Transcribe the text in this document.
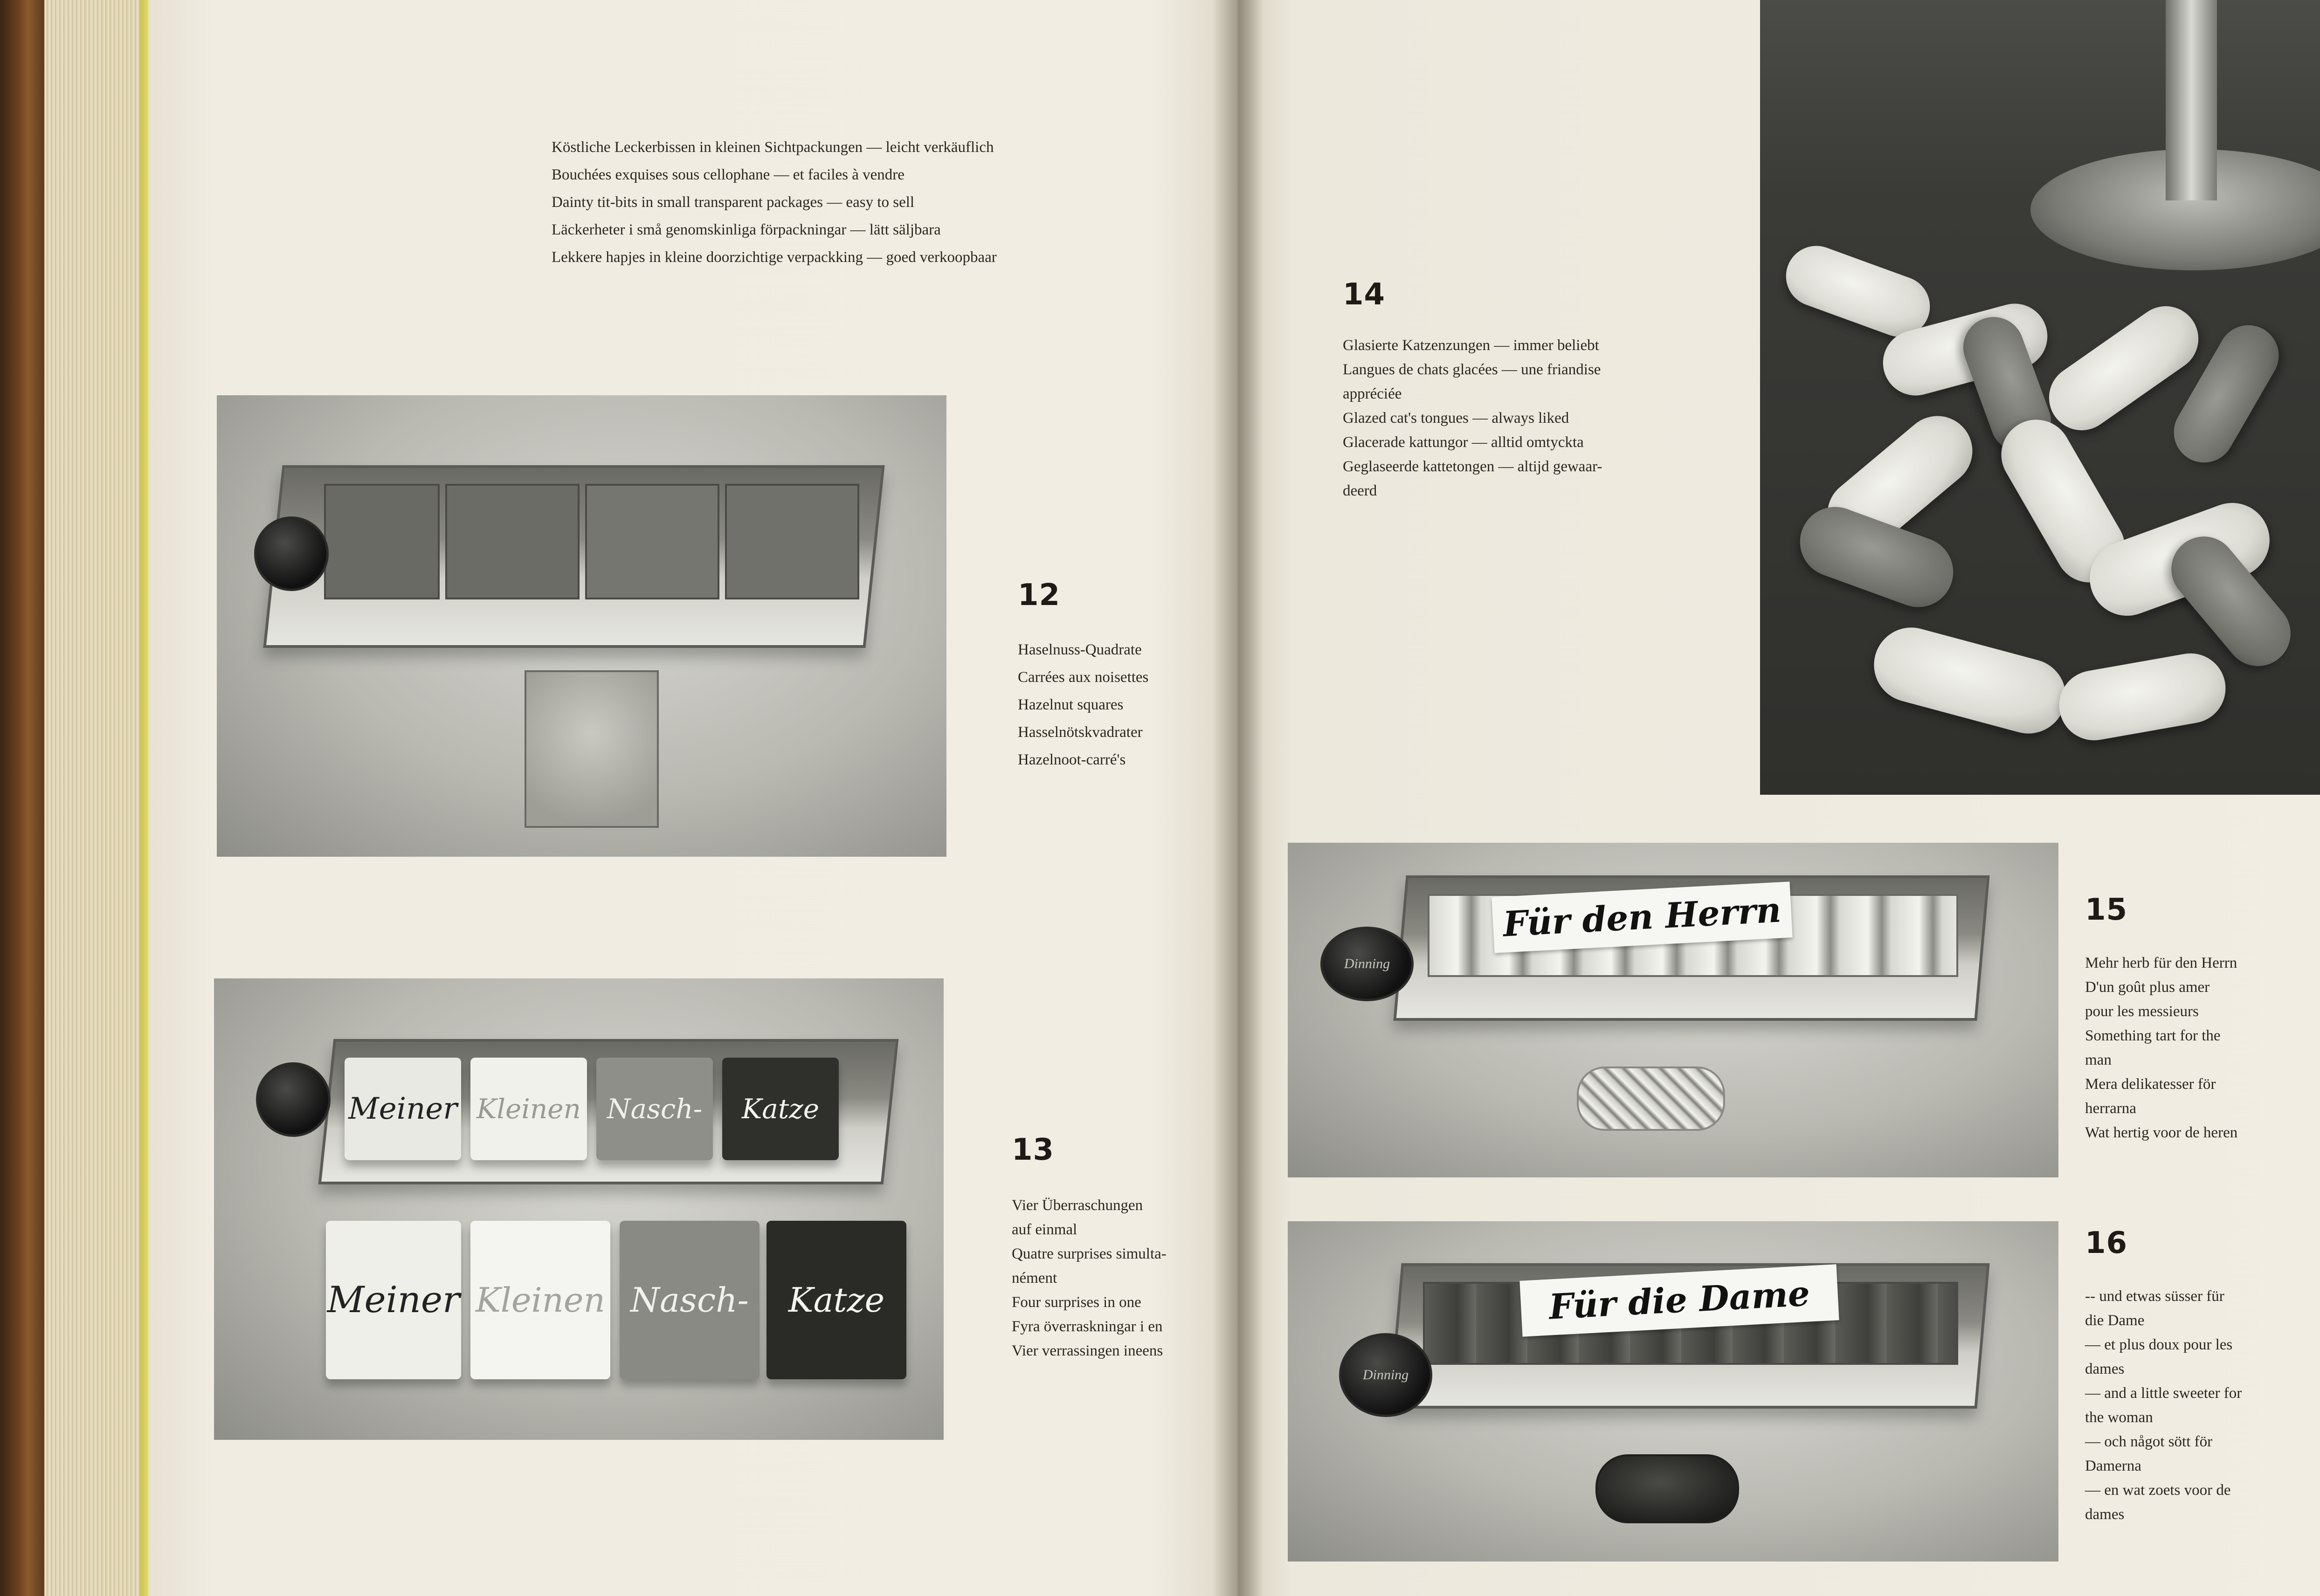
Köstliche Leckerbissen in kleinen Sichtpackungen — leicht verkäuflich
Bouchées exquises sous cellophane — et faciles à vendre
Dainty tit-bits in small transparent packages — easy to sell
Läckerheter i små genomskinliga förpackningar — lätt säljbara
Lekkere hapjes in kleine doorzichtige verpackking — goed verkoopbaar
12
Haselnuss-Quadrate
Carrées aux noisettes
Hazelnut squares
Hasselnötskvadrater
Hazelnoot-carré's
Meiner Kleinen Nasch- Katze
Meiner Kleinen Nasch- Katze
13
Vier Überraschungen
auf einmal
Quatre surprises simulta-
nément
Four surprises in one
Fyra överraskningar i en
Vier verrassingen ineens
14
Glasierte Katzenzungen — immer beliebt
Langues de chats glacées — une friandise
appréciée
Glazed cat's tongues — always liked
Glacerade kattungor — alltid omtyckta
Geglaseerde kattetongen — altijd gewaar-
deerd
Für den Herrn
Dinning
15
Mehr herb für den Herrn
D'un goût plus amer
pour les messieurs
Something tart for the
man
Mera delikatesser för
herrarna
Wat hertig voor de heren
Für die Dame
Dinning
16
-- und etwas süsser für
die Dame
— et plus doux pour les
dames
— and a little sweeter for
the woman
— och något sött för
Damerna
— en wat zoets voor de
dames
